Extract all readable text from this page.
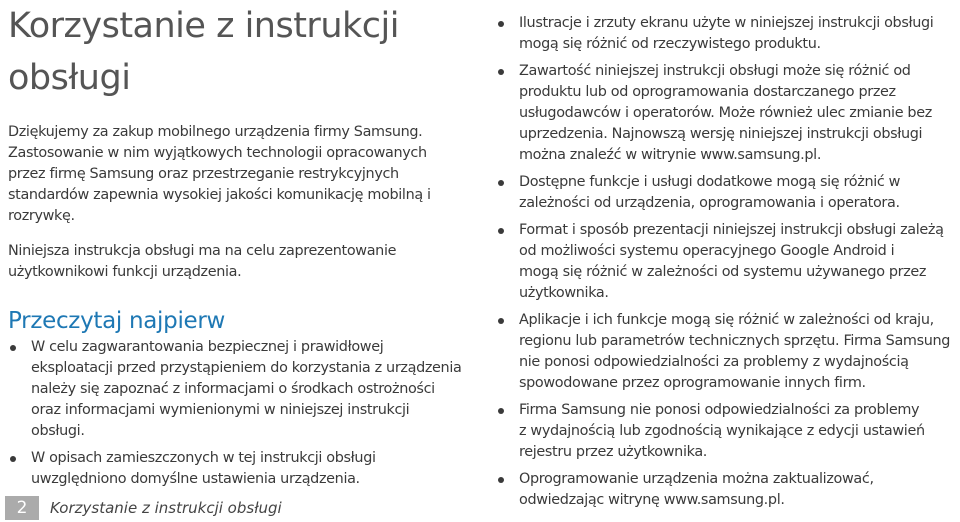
Korzystanie z instrukcji
obsługi

Dziękujemy za zakup mobilnego urządzenia firmy Samsung.
Zastosowanie w nim wyjątkowych technologii opracowanych
przez firmę Samsung oraz przestrzeganie restrykcyjnych
standardów zapewnia wysokiej jakości komunikację mobilną i
rozrywkę.

Niniejsza instrukcja obsługi ma na celu zaprezentowanie
użytkownikowi funkcji urządzenia.

Przeczytaj najpierw
W celu zagwarantowania bezpiecznej i prawidłowej
eksploatacji przed przystąpieniem do korzystania z urządzenia
należy się zapoznać z informacjami o środkach ostrożności
oraz informacjami wymienionymi w niniejszej instrukcji
obsługi.
W opisach zamieszczonych w tej instrukcji obsługi
uwzględniono domyślne ustawienia urządzenia.
Ilustracje i zrzuty ekranu użyte w niniejszej instrukcji obsługi
mogą się różnić od rzeczywistego produktu.
Zawartość niniejszej instrukcji obsługi może się różnić od
produktu lub od oprogramowania dostarczanego przez
usługodawców i operatorów. Może również ulec zmianie bez
uprzedzenia. Najnowszą wersję niniejszej instrukcji obsługi
można znaleźć w witrynie www.samsung.pl.
Dostępne funkcje i usługi dodatkowe mogą się różnić w
zależności od urządzenia, oprogramowania i operatora.
Format i sposób prezentacji niniejszej instrukcji obsługi zależą
od możliwości systemu operacyjnego Google Android i
mogą się różnić w zależności od systemu używanego przez
użytkownika.
Aplikacje i ich funkcje mogą się różnić w zależności od kraju,
regionu lub parametrów technicznych sprzętu. Firma Samsung
nie ponosi odpowiedzialności za problemy z wydajnością
spowodowane przez oprogramowanie innych firm.
Firma Samsung nie ponosi odpowiedzialności za problemy
z wydajnością lub zgodnością wynikające z edycji ustawień
rejestru przez użytkownika.
Oprogramowanie urządzenia można zaktualizować,
odwiedzając witrynę www.samsung.pl.
2	Korzystanie z instrukcji obsługi
